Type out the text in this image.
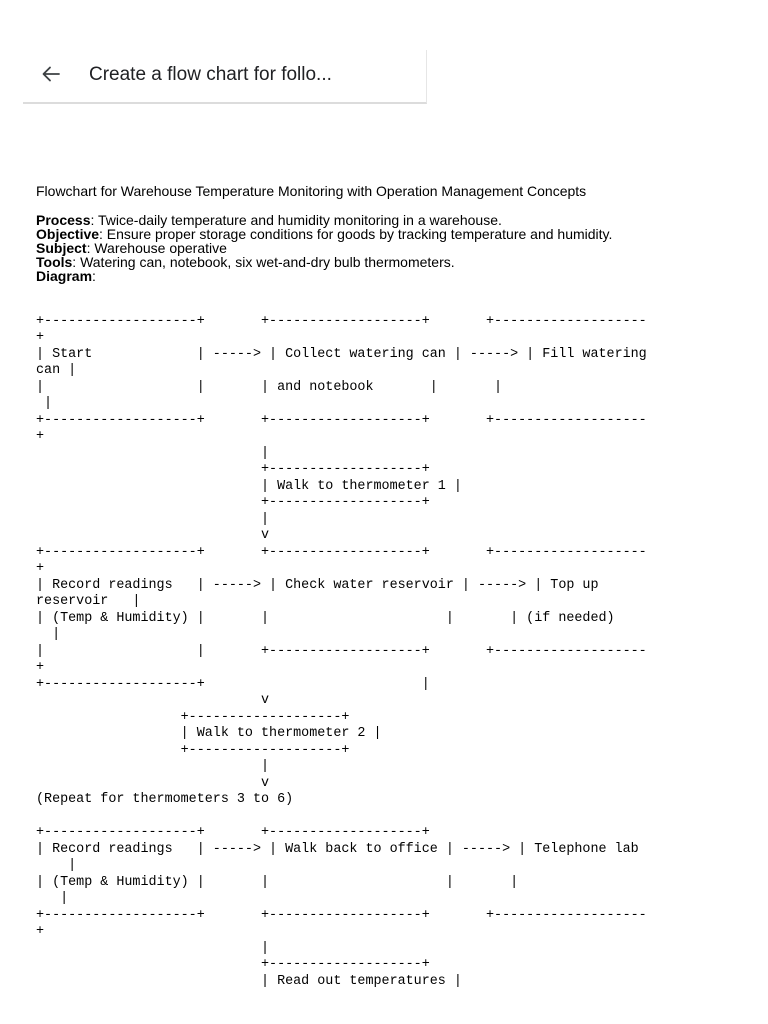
Create a flow chart for follo...
Flowchart for Warehouse Temperature Monitoring with Operation Management Concepts
Process: Twice-daily temperature and humidity monitoring in a warehouse.
Objective: Ensure proper storage conditions for goods by tracking temperature and humidity.
Subject: Warehouse operative
Tools: Watering can, notebook, six wet-and-dry bulb thermometers.
Diagram:
+-------------------+       +-------------------+       +-------------------
+
| Start             | -----> | Collect watering can | -----> | Fill watering
can |
|                   |       | and notebook       |       |
|
+-------------------+       +-------------------+       +-------------------
+
|
+-------------------+
| Walk to thermometer 1 |
+-------------------+
|
v
+-------------------+       +-------------------+       +-------------------
+
| Record readings   | -----> | Check water reservoir | -----> | Top up
reservoir   |
| (Temp & Humidity) |       |                      |       | (if needed)
|
|                   |       +-------------------+       +-------------------
+
+-------------------+                           |
v
+-------------------+
| Walk to thermometer 2 |
+-------------------+
|
v
(Repeat for thermometers 3 to 6)
+-------------------+       +-------------------+
| Record readings   | -----> | Walk back to office | -----> | Telephone lab
|
| (Temp & Humidity) |       |                      |       |
|
+-------------------+       +-------------------+       +-------------------
+
|
+-------------------+
| Read out temperatures |
